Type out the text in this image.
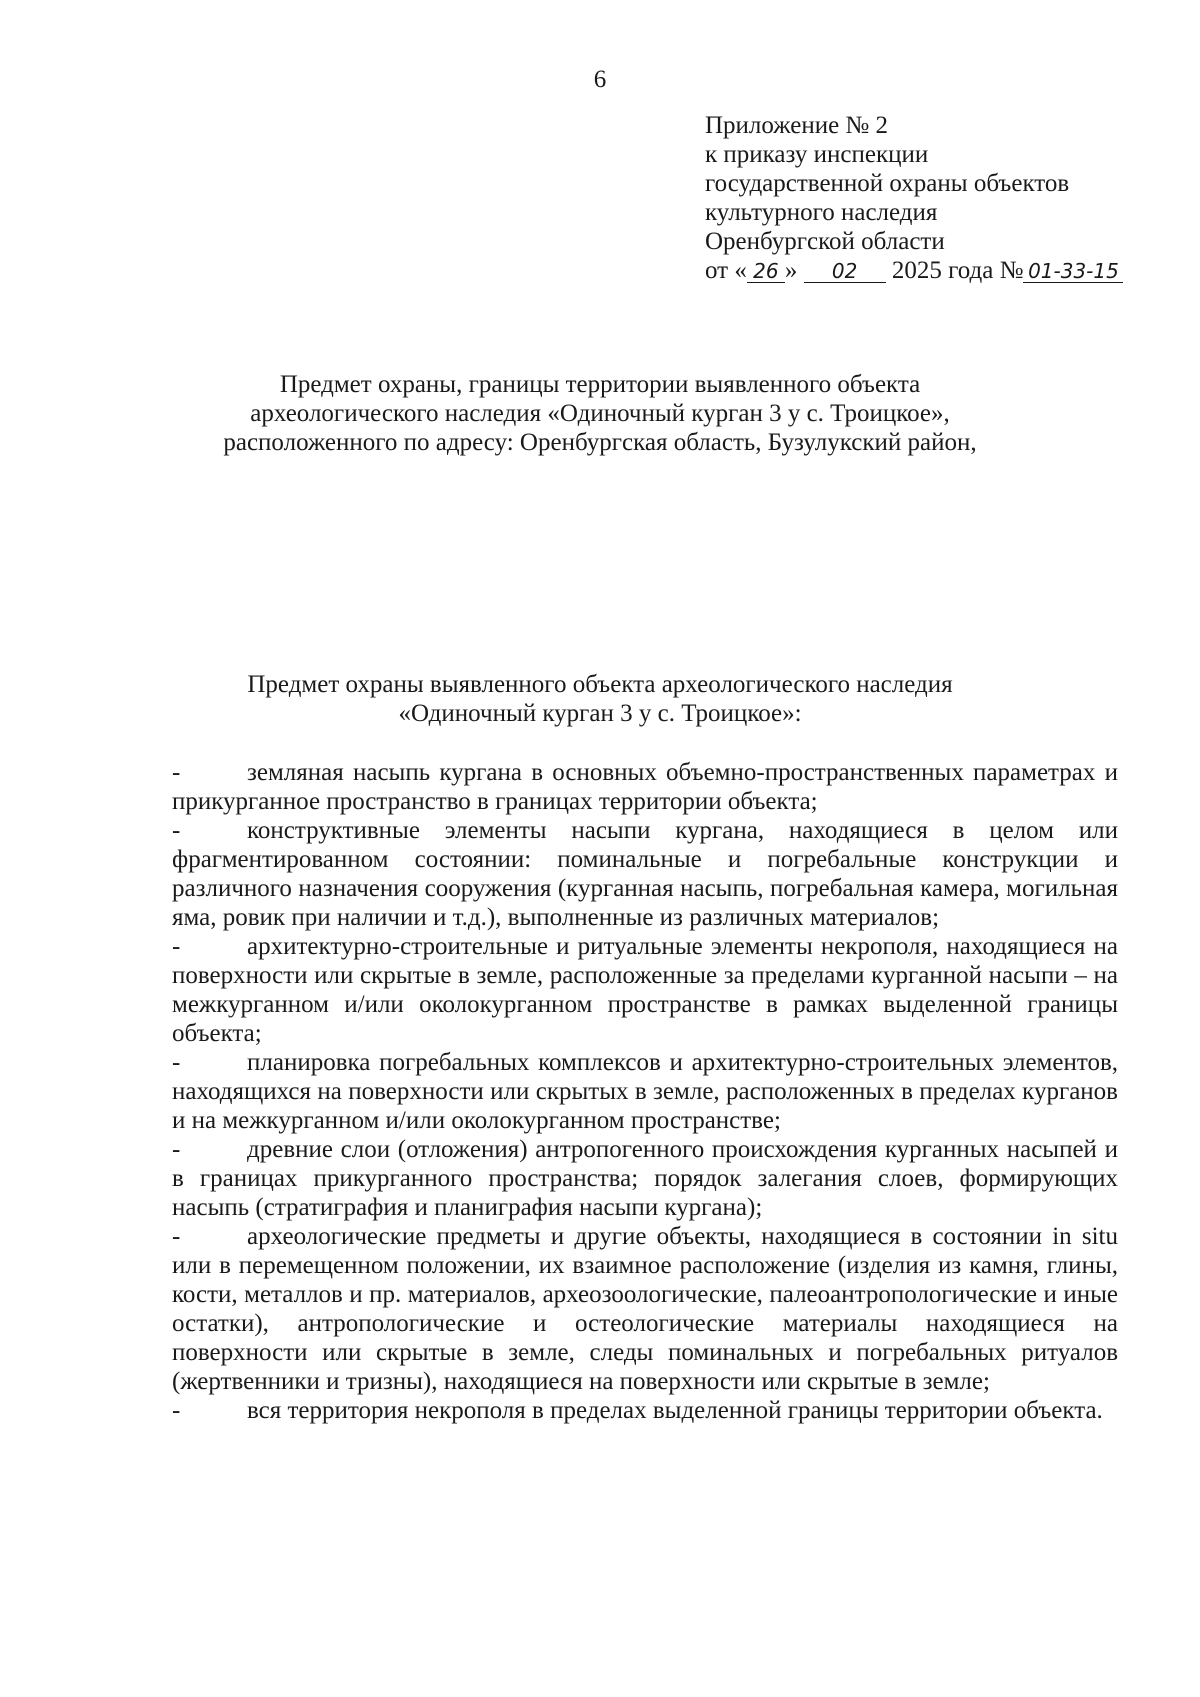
6
Приложение № 2
к приказу инспекции
государственной охраны объектов
культурного наследия
Оренбургской области
от « 26 » 02 2025 года № 01-33-15
Предмет охраны, границы территории выявленного объекта
археологического наследия «Одиночный курган 3 у с. Троицкое»,
расположенного по адресу: Оренбургская область, Бузулукский район,
Предмет охраны выявленного объекта археологического наследия
«Одиночный курган 3 у с. Троицкое»:
-	земляная насыпь кургана в основных объемно-пространственных параметрах и прикурганное пространство в границах территории объекта;
-	конструктивные элементы насыпи кургана, находящиеся в целом или фрагментированном состоянии: поминальные и погребальные конструкции и различного назначения сооружения (курганная насыпь, погребальная камера, могильная яма, ровик при наличии и т.д.), выполненные из различных материалов;
-	архитектурно-строительные и ритуальные элементы некрополя, находящиеся на поверхности или скрытые в земле, расположенные за пределами курганной насыпи – на межкурганном и/или околокурганном пространстве в рамках выделенной границы объекта;
-	планировка погребальных комплексов и архитектурно-строительных элементов, находящихся на поверхности или скрытых в земле, расположенных в пределах курганов и на межкурганном и/или околокурганном пространстве;
-	древние слои (отложения) антропогенного происхождения курганных насыпей и в границах прикурганного пространства; порядок залегания слоев, формирующих насыпь (стратиграфия и планиграфия насыпи кургана);
-	археологические предметы и другие объекты, находящиеся в состоянии in situ или в перемещенном положении, их взаимное расположение (изделия из камня, глины, кости, металлов и пр. материалов, археозоологические, палеоантропологические и иные остатки), антропологические и остеологические материалы находящиеся на поверхности или скрытые в земле, следы поминальных и погребальных ритуалов (жертвенники и тризны), находящиеся на поверхности или скрытые в земле;
-	вся территория некрополя в пределах выделенной границы территории объекта.
